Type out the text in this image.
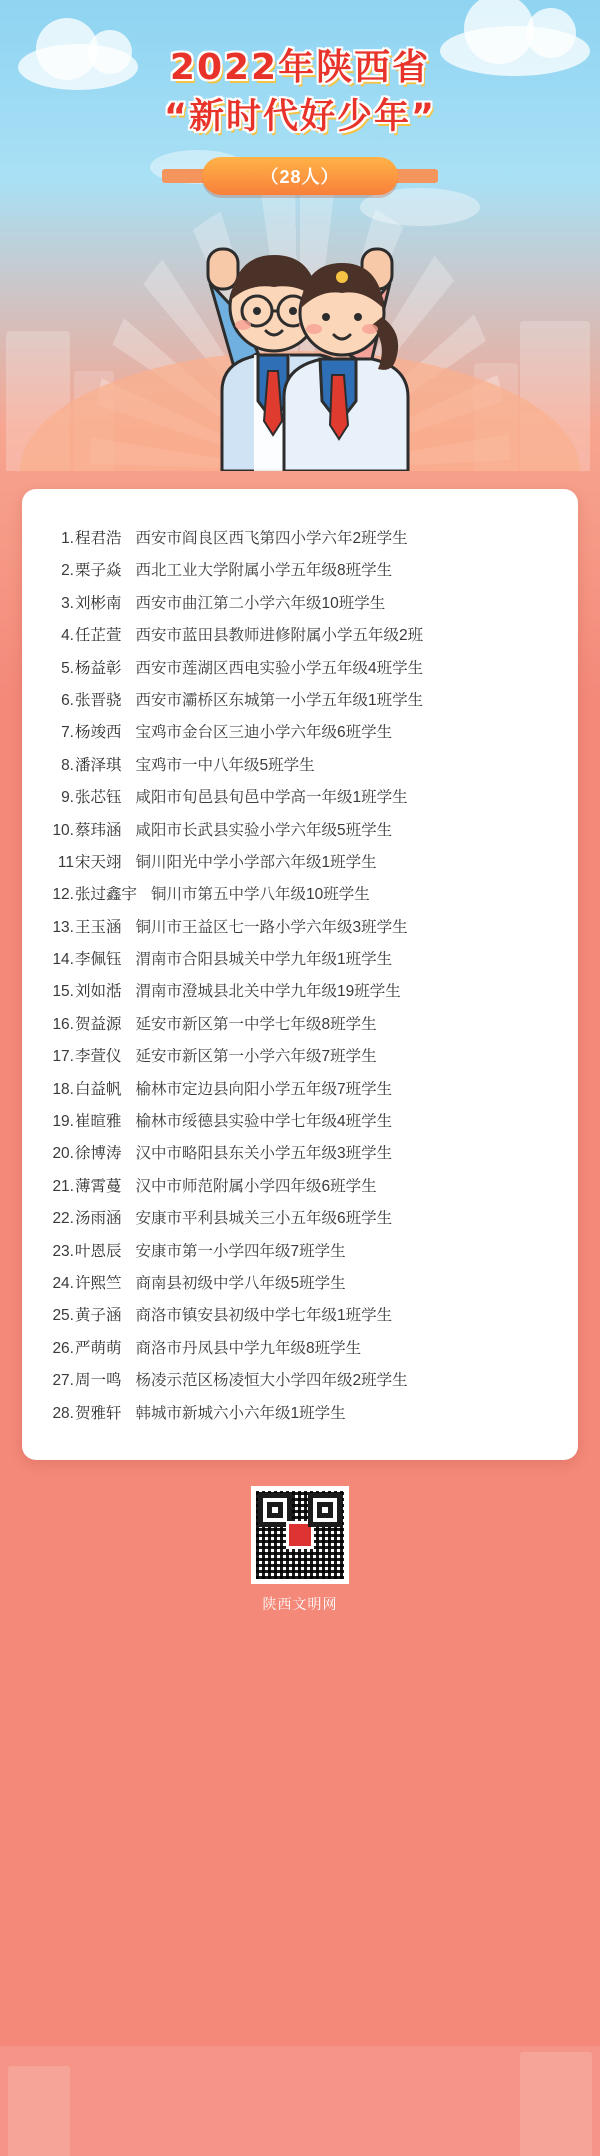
2022年陕西省
“新时代好少年”
（28人）
1. 程君浩 西安市阎良区西飞第四小学六年2班学生
2. 栗子焱 西北工业大学附属小学五年级8班学生
3. 刘彬南 西安市曲江第二小学六年级10班学生
4. 任芷萱 西安市蓝田县教师进修附属小学五年级2班
5. 杨益彰 西安市莲湖区西电实验小学五年级4班学生
6. 张晋骁 西安市灞桥区东城第一小学五年级1班学生
7. 杨竣西 宝鸡市金台区三迪小学六年级6班学生
8. 潘泽琪 宝鸡市一中八年级5班学生
9. 张芯钰 咸阳市旬邑县旬邑中学高一年级1班学生
10. 蔡玮涵 咸阳市长武县实验小学六年级5班学生
11 宋天翊 铜川阳光中学小学部六年级1班学生
12. 张过鑫宇 铜川市第五中学八年级10班学生
13. 王玉涵 铜川市王益区七一路小学六年级3班学生
14. 李佩钰 渭南市合阳县城关中学九年级1班学生
15. 刘如湉 渭南市澄城县北关中学九年级19班学生
16. 贺益源 延安市新区第一中学七年级8班学生
17. 李萱仪 延安市新区第一小学六年级7班学生
18. 白益帆 榆林市定边县向阳小学五年级7班学生
19. 崔暄雅 榆林市绥德县实验中学七年级4班学生
20. 徐博涛 汉中市略阳县东关小学五年级3班学生
21. 薄霄蔓 汉中市师范附属小学四年级6班学生
22. 汤雨涵 安康市平利县城关三小五年级6班学生
23. 叶恩辰 安康市第一小学四年级7班学生
24. 许熙竺 商南县初级中学八年级5班学生
25. 黄子涵 商洛市镇安县初级中学七年级1班学生
26. 严萌萌 商洛市丹凤县中学九年级8班学生
27. 周一鸣 杨凌示范区杨凌恒大小学四年级2班学生
28. 贺雅轩 韩城市新城六小六年级1班学生
陕西文明网
